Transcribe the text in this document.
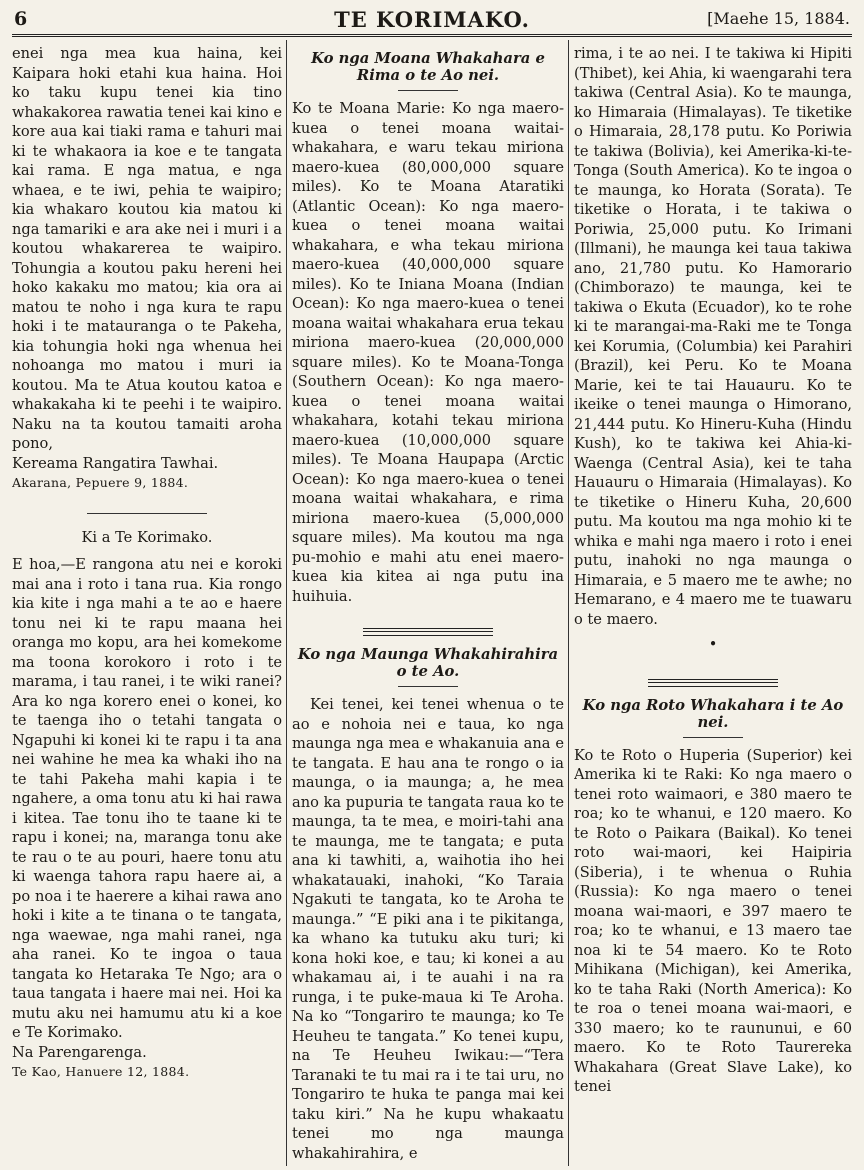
6	TE KORIMAKO.	[Maehe 15, 1884.

enei nga mea kua haina, kei Kaipara hoki etahi kua haina. Hoi ko taku kupu tenei kia tino whakakorea rawatia tenei kai kino e kore aua kai tiaki rama e tahuri mai ki te whakaora ia koe e te tangata kai rama. E nga matua, e nga whaea, e te iwi, pehia te waipiro; kia whakaro koutou kia matou ki nga tamariki e ara ake nei i muri i a koutou whakarerea te waipiro. Tohungia a koutou paku hereni hei hoko kakaku mo matou; kia ora ai matou te noho i nga kura te rapu hoki i te matauranga o te Pakeha, kia tohungia hoki nga whenua hei nohoanga mo matou i muri ia koutou. Ma te Atua koutou katoa e whakakaha ki te peehi i te waipiro. Naku na ta koutou tamaiti aroha pono,

Kereama Rangatira Tawhai.

Akarana, Pepuere 9, 1884.

Ki a Te Korimako.

E hoa,—E rangona atu nei e koroki mai ana i roto i tana rua. Kia rongo kia kite i nga mahi a te ao e haere tonu nei ki te rapu maana hei oranga mo kopu, ara hei komekome ma toona korokoro i roto i te marama, i tau ranei, i te wiki ranei? Ara ko nga korero enei o konei, ko te taenga iho o tetahi tangata o Ngapuhi ki konei ki te rapu i ta ana nei wahine he mea ka whaki iho na te tahi Pakeha mahi kapia i te ngahere, a oma tonu atu ki hai rawa i kitea. Tae tonu iho te taane ki te rapu i konei; na, maranga tonu ake te rau o te au pouri, haere tonu atu ki waenga tahora rapu haere ai, a po noa i te haerere a kihai rawa ano hoki i kite a te tinana o te tangata, nga waewae, nga mahi ranei, nga aha ranei. Ko te ingoa o taua tangata ko Hetaraka Te Ngo; ara o taua tangata i haere mai nei. Hoi ka mutu aku nei hamumu atu ki a koe e Te Korimako.

Na Parengarenga.

Te Kao, Hanuere 12, 1884.

Ko nga Moana Whakahara e Rima o te Ao nei.

Ko te Moana Marie: Ko nga maero-kuea o tenei moana waitai-whakahara, e waru tekau miriona maero-kuea (80,000,000 square miles). Ko te Moana Ataratiki (Atlantic Ocean): Ko nga maero-kuea o tenei moana waitai whakahara, e wha tekau miriona maero-kuea (40,000,000 square miles). Ko te Iniana Moana (Indian Ocean): Ko nga maero-kuea o tenei moana waitai whakahara erua tekau miriona maero-kuea (20,000,000 square miles). Ko te Moana-Tonga (Southern Ocean): Ko nga maero-kuea o tenei moana waitai whakahara, kotahi tekau miriona maero-kuea (10,000,000 square miles). Te Moana Haupapa (Arctic Ocean): Ko nga maero-kuea o tenei moana waitai whakahara, e rima miriona maero-kuea (5,000,000 square miles). Ma koutou ma nga pu-mohio e mahi atu enei maero-kuea kia kitea ai nga putu ina huihuia.

Ko nga Maunga Whakahirahira o te Ao.

Kei tenei, kei tenei whenua o te ao e nohoia nei e taua, ko nga maunga nga mea e whakanuia ana e te tangata. E hau ana te rongo o ia maunga, o ia maunga; a, he mea ano ka pupuria te tangata raua ko te maunga, ta te mea, e moiri-tahi ana te maunga, me te tangata; e puta ana ki tawhiti, a, waihotia iho hei whakatauaki, inahoki, “Ko Taraia Ngakuti te tangata, ko te Aroha te maunga.” “E piki ana i te pikitanga, ka whano ka tutuku aku turi; ki kona hoki koe, e tau; ki konei a au whakamau ai, i te auahi i na ra runga, i te puke-maua ki Te Aroha. Na ko “Tongariro te maunga; ko Te Heuheu te tangata.” Ko tenei kupu, na Te Heuheu Iwikau:—“Tera Taranaki te tu mai ra i te tai uru, no Tongariro te huka te panga mai kei taku kiri.” Na he kupu whakaatu tenei mo nga maunga whakahirahira, e

rima, i te ao nei. I te takiwa ki Hipiti (Thibet), kei Ahia, ki waengarahi tera takiwa (Central Asia). Ko te maunga, ko Himaraia (Himalayas). Te tiketike o Himaraia, 28,178 putu. Ko Poriwia te takiwa (Bolivia), kei Amerika-ki-te-Tonga (South America). Ko te ingoa o te maunga, ko Horata (Sorata). Te tiketike o Horata, i te takiwa o Poriwia, 25,000 putu. Ko Irimani (Illmani), he maunga kei taua takiwa ano, 21,780 putu. Ko Hamorario (Chimborazo) te maunga, kei te takiwa o Ekuta (Ecuador), ko te rohe ki te marangai-ma-Raki me te Tonga kei Korumia, (Columbia) kei Parahiri (Brazil), kei Peru. Ko te Moana Marie, kei te tai Hauauru. Ko te ikeike o tenei maunga o Himorano, 21,444 putu. Ko Hineru-Kuha (Hindu Kush), ko te takiwa kei Ahia-ki-Waenga (Central Asia), kei te taha Hauauru o Himaraia (Himalayas). Ko te tiketike o Hineru Kuha, 20,600 putu. Ma koutou ma nga mohio ki te whika e mahi nga maero i roto i enei putu, inahoki no nga maunga o Himaraia, e 5 maero me te awhe; no Hemarano, e 4 maero me te tuawaru o te maero.

•
Ko nga Roto Whakahara i te Ao nei.

Ko te Roto o Huperia (Superior) kei Amerika ki te Raki: Ko nga maero o tenei roto waimaori, e 380 maero te roa; ko te whanui, e 120 maero. Ko te Roto o Paikara (Baikal). Ko tenei roto wai-maori, kei Haipiria (Siberia), i te whenua o Ruhia (Russia): Ko nga maero o tenei moana wai-maori, e 397 maero te roa; ko te whanui, e 13 maero tae noa ki te 54 maero. Ko te Roto Mihikana (Michigan), kei Amerika, ko te taha Raki (North America): Ko te roa o tenei moana wai-maori, e 330 maero; ko te raununui, e 60 maero. Ko te Roto Taurereka Whakahara (Great Slave Lake), ko tenei
